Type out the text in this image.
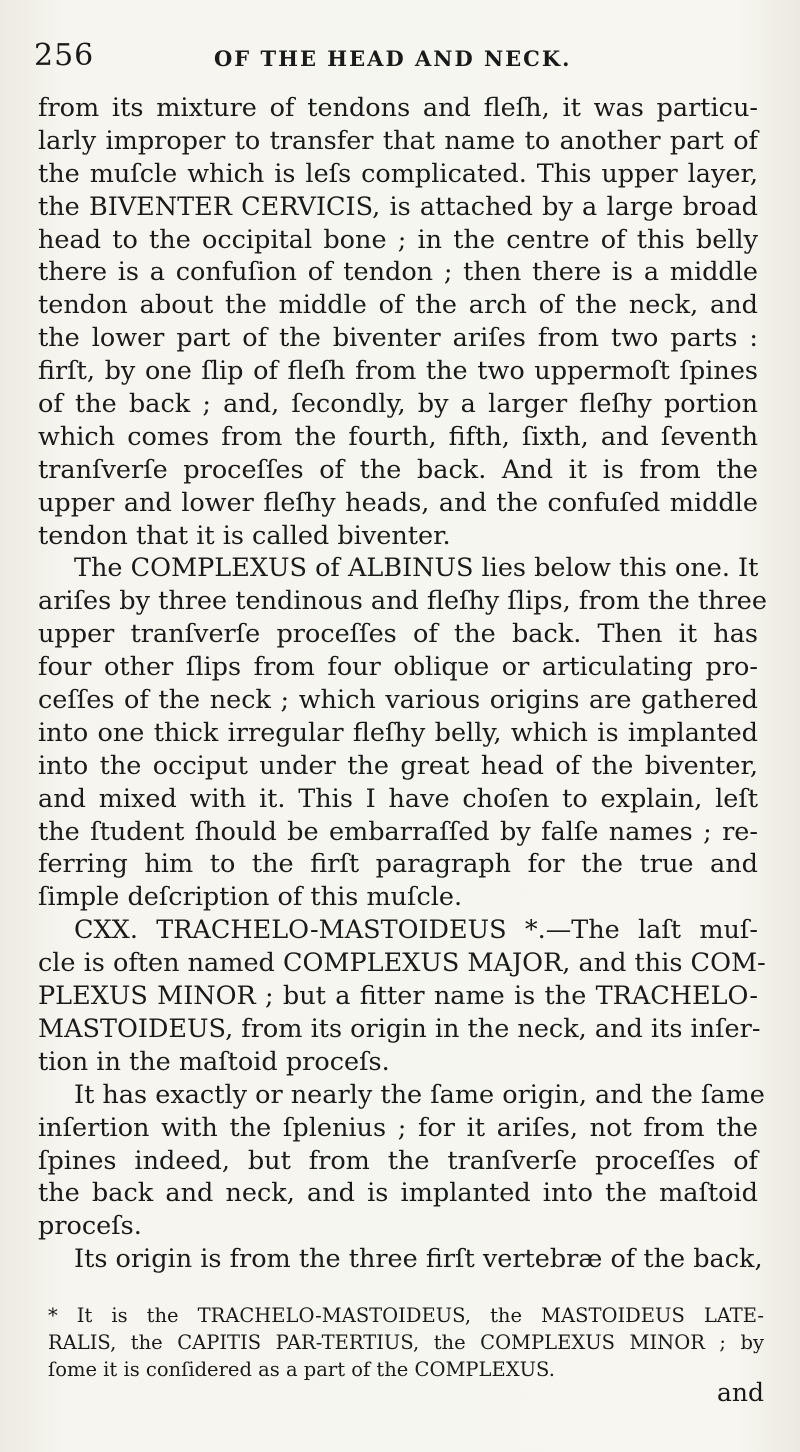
256	OF THE HEAD AND NECK.
from its mixture of tendons and fleſh, it was particu-
larly improper to transfer that name to another part of
the muſcle which is leſs complicated. This upper layer,
the BIVENTER CERVICIS, is attached by a large broad
head to the occipital bone ; in the centre of this belly
there is a confuſion of tendon ; then there is a middle
tendon about the middle of the arch of the neck, and
the lower part of the biventer ariſes from two parts :
firſt, by one ſlip of fleſh from the two uppermoſt ſpines
of the back ; and, ſecondly, by a larger fleſhy portion
which comes from the fourth, fifth, ſixth, and ſeventh
tranſverſe proceſſes of the back. And it is from the
upper and lower fleſhy heads, and the confuſed middle
tendon that it is called biventer.
The COMPLEXUS of ALBINUS lies below this one. It
ariſes by three tendinous and fleſhy ſlips, from the three
upper tranſverſe proceſſes of the back. Then it has
four other ſlips from four oblique or articulating pro-
ceſſes of the neck ; which various origins are gathered
into one thick irregular fleſhy belly, which is implanted
into the occiput under the great head of the biventer,
and mixed with it. This I have choſen to explain, leſt
the ſtudent ſhould be embarraſſed by falſe names ; re-
ferring him to the firſt paragraph for the true and
ſimple deſcription of this muſcle.
CXX. TRACHELO-MASTOIDEUS *.—The laſt muſ-
cle is often named COMPLEXUS MAJOR, and this COM-
PLEXUS MINOR ; but a fitter name is the TRACHELO-
MASTOIDEUS, from its origin in the neck, and its inſer-
tion in the maſtoid proceſs.
It has exactly or nearly the ſame origin, and the ſame
inſertion with the ſplenius ; for it ariſes, not from the
ſpines indeed, but from the tranſverſe proceſſes of
the back and neck, and is implanted into the maſtoid
proceſs.
Its origin is from the three firſt vertebræ of the back,
* It is the TRACHELO-MASTOIDEUS, the MASTOIDEUS LATE-
RALIS, the CAPITIS PAR-TERTIUS, the COMPLEXUS MINOR ; by
ſome it is conſidered as a part of the COMPLEXUS.
and
